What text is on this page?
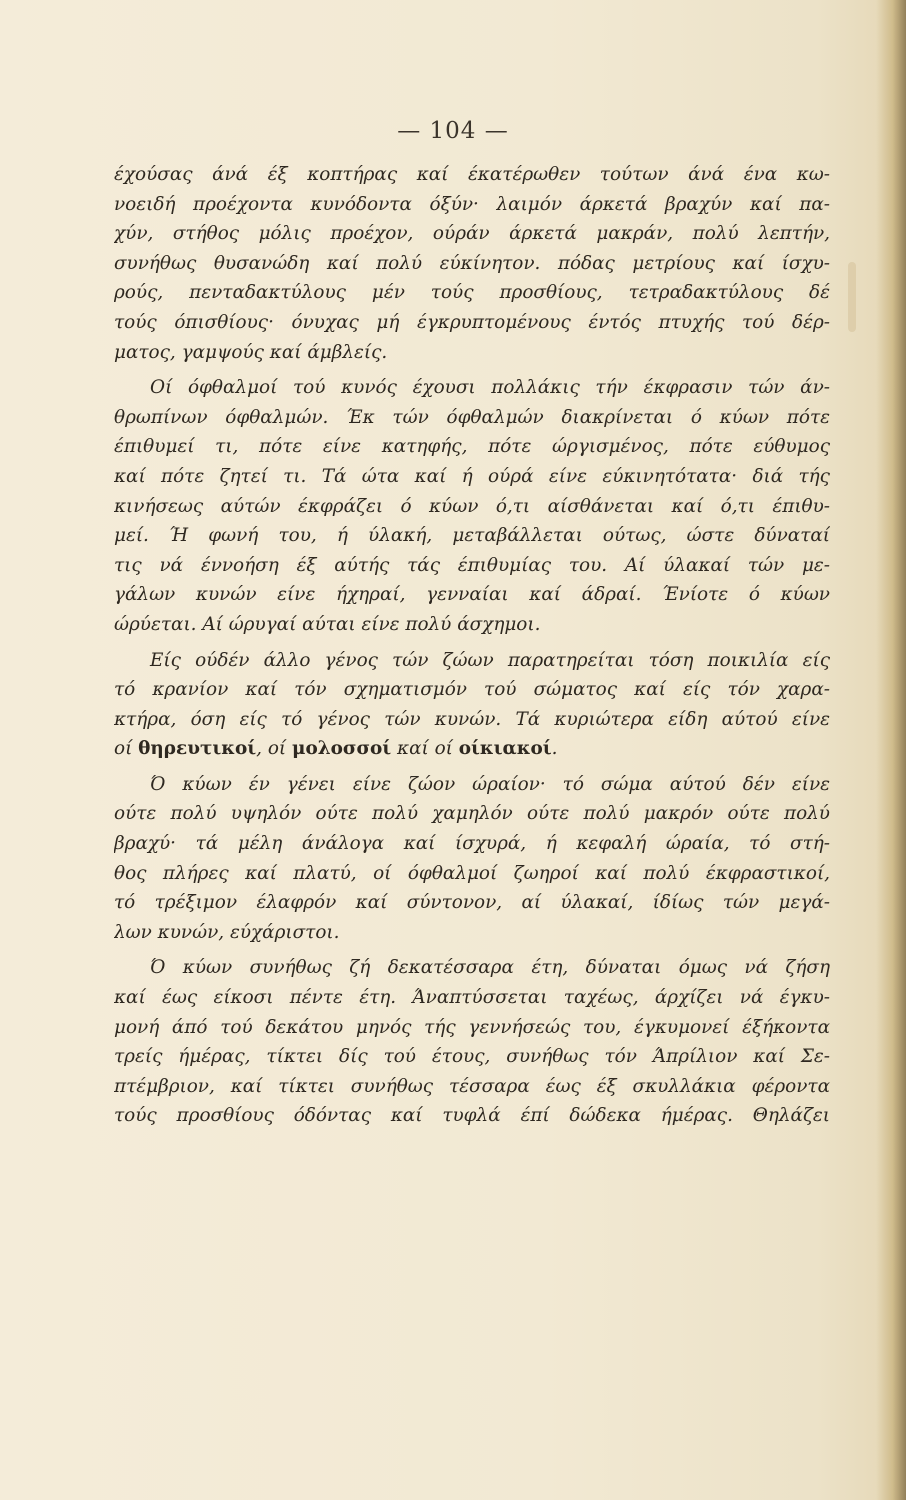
— 104 —
έχούσας άνά έξ κοπτήρας καί έκατέρωθεν τούτων άνά ένα κω-
νοειδή προέχοντα κυνόδοντα όξύν· λαιμόν άρκετά βραχύν καί πα-
χύν, στήθος μόλις προέχον, ούράν άρκετά μακράν, πολύ λεπτήν,
συνήθως θυσανώδη καί πολύ εύκίνητον. πόδας μετρίους καί ίσχυ-
ρούς, πενταδακτύλους μέν τούς προσθίους, τετραδακτύλους δέ
τούς όπισθίους· όνυχας μή έγκρυπτομένους έντός πτυχής τού δέρ-
ματος, γαμψούς καί άμβλείς.
Οί όφθαλμοί τού κυνός έχουσι πολλάκις τήν έκφρασιν τών άν-
θρωπίνων όφθαλμών. Έκ τών όφθαλμών διακρίνεται ό κύων πότε
έπιθυμεί τι, πότε είνε κατηφής, πότε ώργισμένος, πότε εύθυμος
καί πότε ζητεί τι. Τά ώτα καί ή ούρά είνε εύκινητότατα· διά τής
κινήσεως αύτών έκφράζει ό κύων ό,τι αίσθάνεται καί ό,τι έπιθυ-
μεί. Ή φωνή του, ή ύλακή, μεταβάλλεται ούτως, ώστε δύναταί
τις νά έννοήση έξ αύτής τάς έπιθυμίας του. Αί ύλακαί τών με-
γάλων κυνών είνε ήχηραί, γενναίαι καί άδραί. Ένίοτε ό κύων
ώρύεται. Αί ώρυγαί αύται είνε πολύ άσχημοι.
Είς ούδέν άλλο γένος τών ζώων παρατηρείται τόση ποικιλία είς
τό κρανίον καί τόν σχηματισμόν τού σώματος καί είς τόν χαρα-
κτήρα, όση είς τό γένος τών κυνών. Τά κυριώτερα είδη αύτού είνε
οί θηρευτικοί, οί μολοσσοί καί οί οίκιακοί.
Ό κύων έν γένει είνε ζώον ώραίον· τό σώμα αύτού δέν είνε
ούτε πολύ υψηλόν ούτε πολύ χαμηλόν ούτε πολύ μακρόν ούτε πολύ
βραχύ· τά μέλη άνάλογα καί ίσχυρά, ή κεφαλή ώραία, τό στή-
θος πλήρες καί πλατύ, οί όφθαλμοί ζωηροί καί πολύ έκφραστικοί,
τό τρέξιμον έλαφρόν καί σύντονον, αί ύλακαί, ίδίως τών μεγά-
λων κυνών, εύχάριστοι.
Ό κύων συνήθως ζή δεκατέσσαρα έτη, δύναται όμως νά ζήση
καί έως είκοσι πέντε έτη. Άναπτύσσεται ταχέως, άρχίζει νά έγκυ-
μονή άπό τού δεκάτου μηνός τής γεννήσεώς του, έγκυμονεί έξήκοντα
τρείς ήμέρας, τίκτει δίς τού έτους, συνήθως τόν Άπρίλιον καί Σε-
πτέμβριον, καί τίκτει συνήθως τέσσαρα έως έξ σκυλλάκια φέροντα
τούς προσθίους όδόντας καί τυφλά έπί δώδεκα ήμέρας. Θηλάζει
